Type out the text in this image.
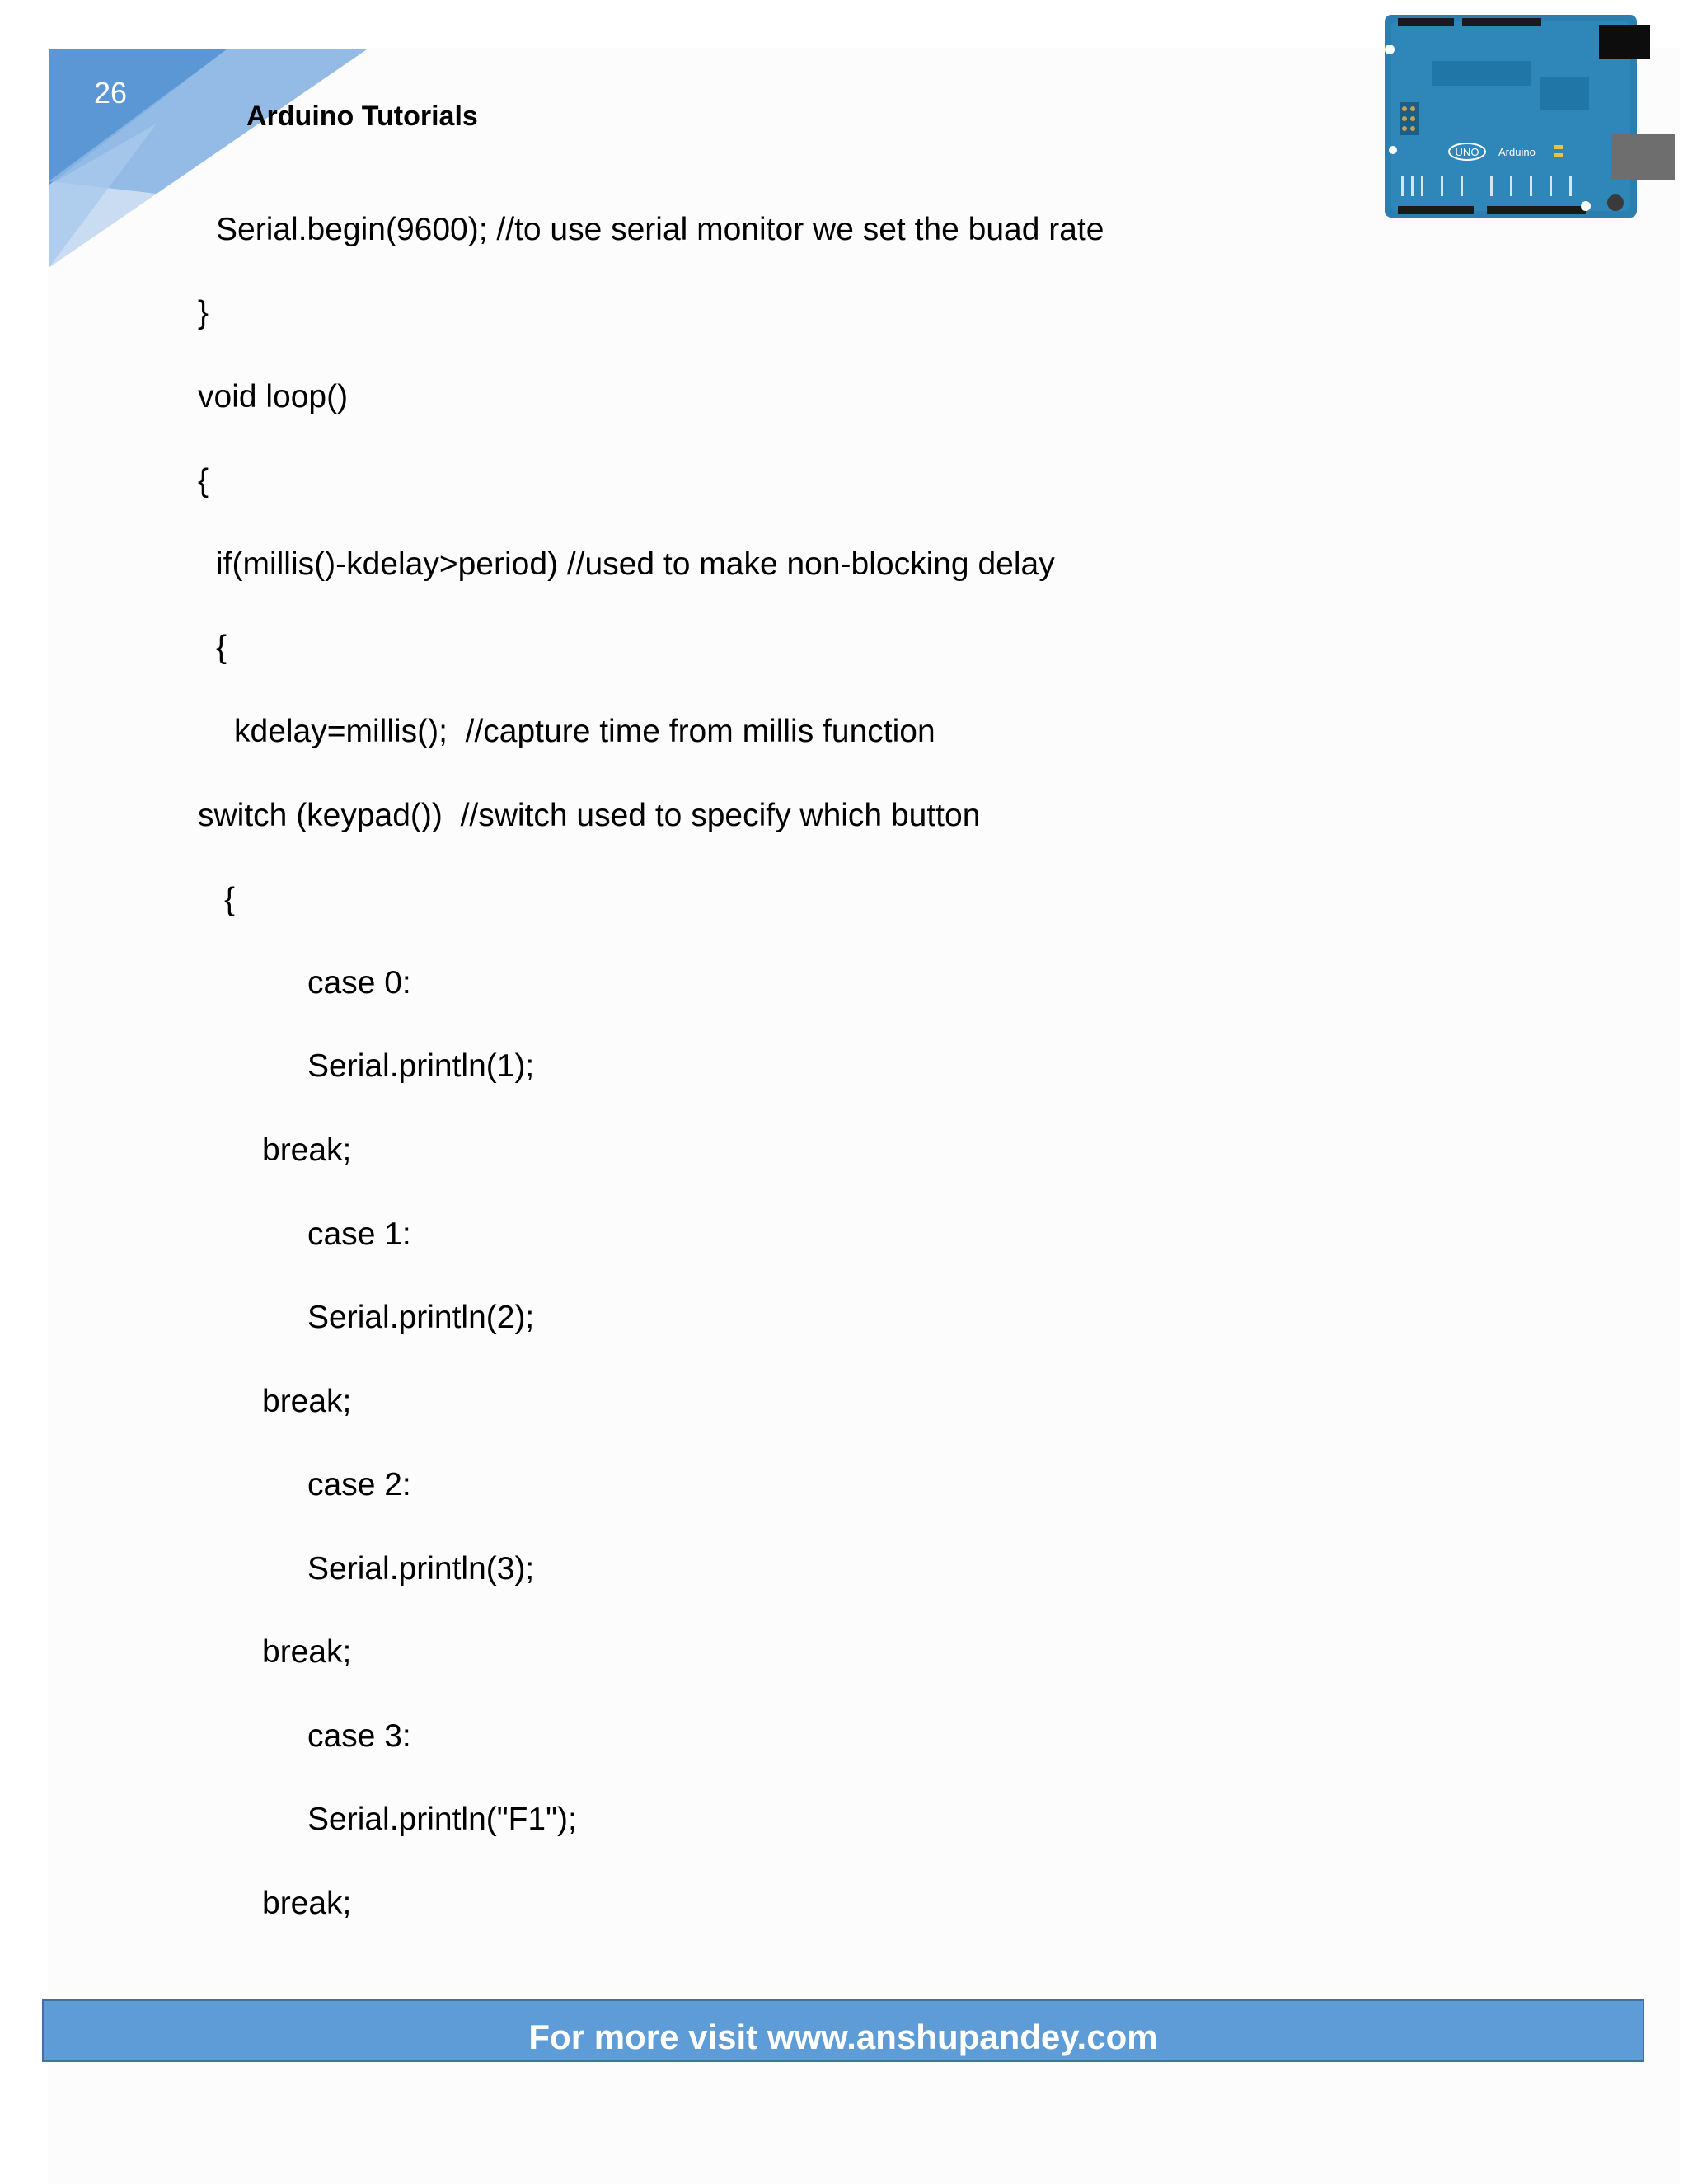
26
Arduino Tutorials
UNO Arduino
Serial.begin(9600); //to use serial monitor we set the buad rate
}
void loop()
{
if(millis()-kdelay>period) //used to make non-blocking delay
{
kdelay=millis();  //capture time from millis function
switch (keypad())  //switch used to specify which button
{
case 0:
Serial.println(1);
break;
case 1:
Serial.println(2);
break;
case 2:
Serial.println(3);
break;
case 3:
Serial.println("F1");
break;
For more visit www.anshupandey.com
